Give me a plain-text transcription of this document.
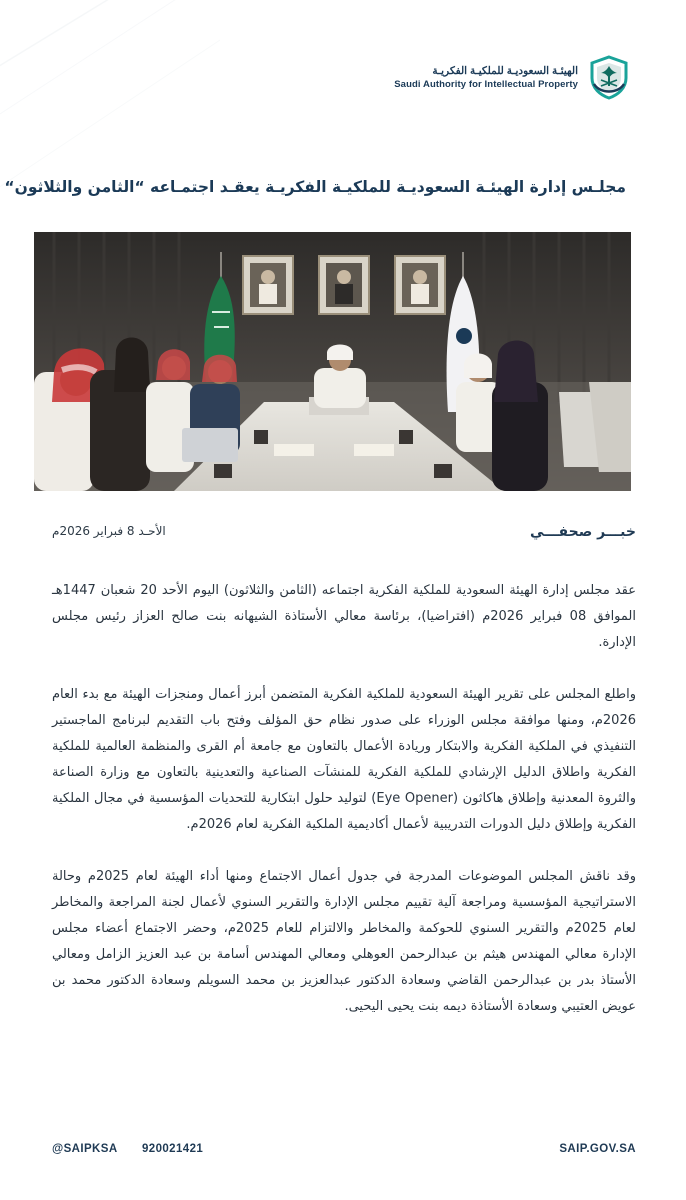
الهيئـة السعوديـة للملكيـة الفكريـة
Saudi Authority for Intellectual Property
مجلـس إدارة الهيئـة السعوديـة للملكيـة الفكريـة يعقـد اجتمـاعه “الثامن والثلاثون“
خبـــر صحفـــي
الأحـد 8 فبراير 2026م

عقد مجلس إدارة الهيئة السعودية للملكية الفكرية اجتماعه (الثامن والثلاثون) اليوم الأحد 20 شعبان 1447هـ الموافق 08 فبراير 2026م (افتراضيا)، برئاسة معالي الأستاذة الشيهانه بنت صالح العزاز رئيس مجلس الإدارة.

واطلع المجلس على تقرير الهيئة السعودية للملكية الفكرية المتضمن أبرز أعمال ومنجزات الهيئة مع بدء العام 2026م، ومنها موافقة مجلس الوزراء على صدور نظام حق المؤلف وفتح باب التقديم لبرنامج الماجستير التنفيذي في الملكية الفكرية والابتكار وريادة الأعمال بالتعاون مع جامعة أم القرى والمنظمة العالمية للملكية الفكرية واطلاق الدليل الإرشادي للملكية الفكرية للمنشآت الصناعية والتعدينية بالتعاون مع وزارة الصناعة والثروة المعدنية وإطلاق هاكاثون (Eye Opener) لتوليد حلول ابتكارية للتحديات المؤسسية في مجال الملكية الفكرية وإطلاق دليل الدورات التدريبية لأعمال أكاديمية الملكية الفكرية لعام 2026م.

وقد ناقش المجلس الموضوعات المدرجة في جدول أعمال الاجتماع ومنها أداء الهيئة لعام 2025م وحالة الاستراتيجية المؤسسية ومراجعة آلية تقييم مجلس الإدارة والتقرير السنوي لأعمال لجنة المراجعة والمخاطر لعام 2025م والتقرير السنوي للحوكمة والمخاطر والالتزام للعام 2025م، وحضر الاجتماع أعضاء مجلس الإدارة معالي المهندس هيثم بن عبدالرحمن العوهلي ومعالي المهندس أسامة بن عبد العزيز الزامل ومعالي الأستاذ بدر بن عبدالرحمن القاضي وسعادة الدكتور عبدالعزيز بن محمد السويلم وسعادة الدكتور محمد بن عويض العتيبي وسعادة الأستاذة ديمه بنت يحيى اليحيى.

@SAIPKSA 920021421	SAIP.GOV.SA
